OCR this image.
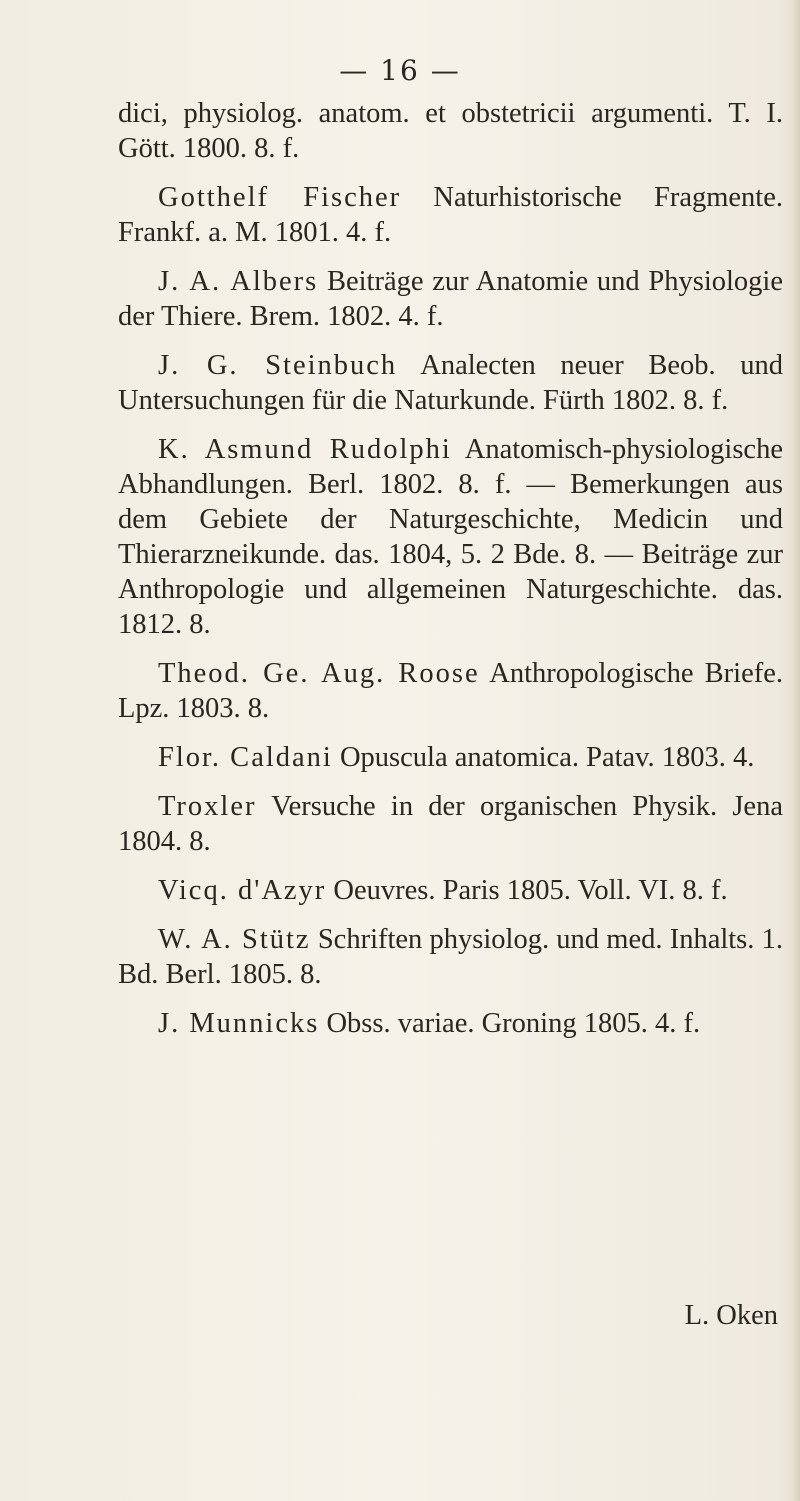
— 16 —

dici, physiolog. anatom. et obstetricii argumenti. T. I. Gött. 1800. 8. f.

Gotthelf Fischer Naturhistorische Fragmente. Frankf. a. M. 1801. 4. f.

J. A. Albers Beiträge zur Anatomie und Physiologie der Thiere. Brem. 1802. 4. f.

J. G. Steinbuch Analecten neuer Beob. und Untersuchungen für die Naturkunde. Fürth 1802. 8. f.

K. Asmund Rudolphi Anatomisch-physiologische Abhandlungen. Berl. 1802. 8. f. — Bemerkungen aus dem Gebiete der Naturgeschichte, Medicin und Thierarzneikunde. das. 1804, 5. 2 Bde. 8. — Beiträge zur Anthropologie und allgemeinen Naturgeschichte. das. 1812. 8.

Theod. Ge. Aug. Roose Anthropologische Briefe. Lpz. 1803. 8.

Flor. Caldani Opuscula anatomica. Patav. 1803. 4.

Troxler Versuche in der organischen Physik. Jena 1804. 8.

Vicq. d'Azyr Oeuvres. Paris 1805. Voll. VI. 8. f.

W. A. Stütz Schriften physiolog. und med. Inhalts. 1. Bd. Berl. 1805. 8.

J. Munnicks Obss. variae. Groning 1805. 4. f.

L. Oken
